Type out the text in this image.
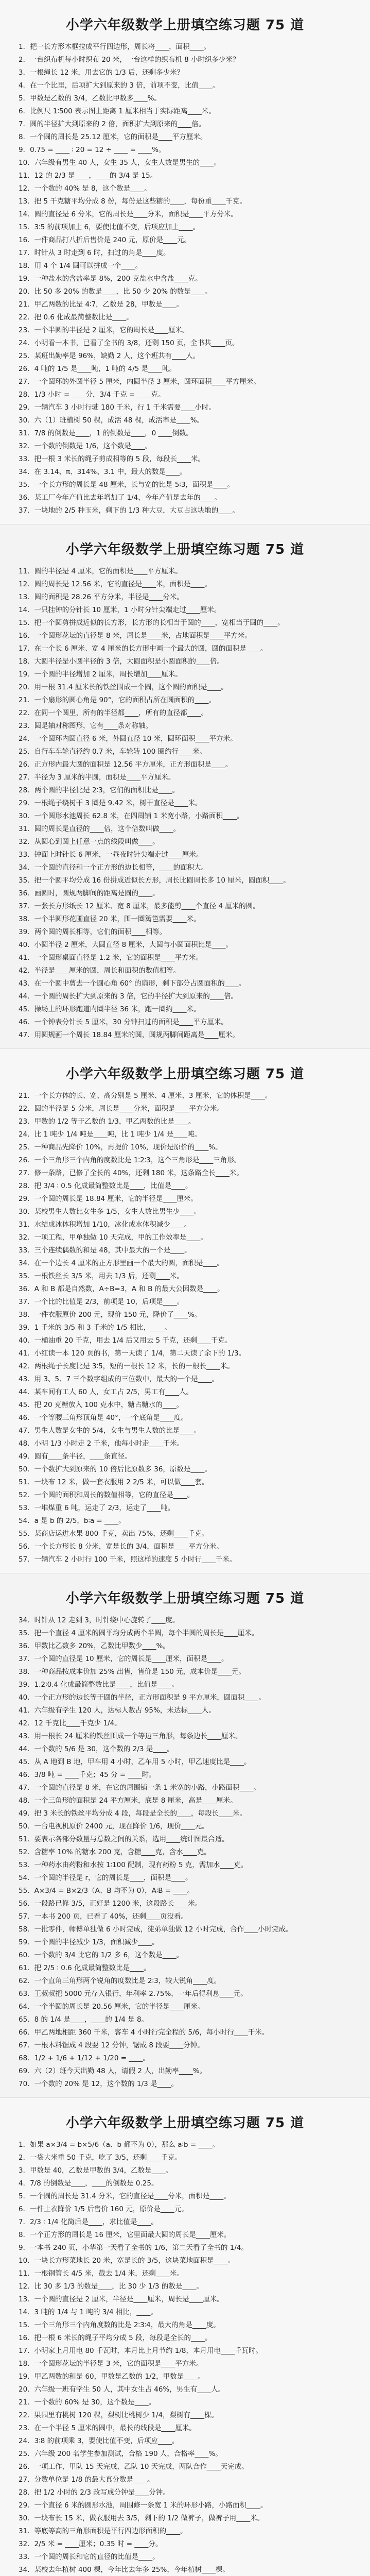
小学六年级数学上册填空练习题 75 道

1．把一长方形木框拉成平行四边形，周长将____，面积____。

2．一台织布机每小时织布 20 米，一台这样的织布机 8 小时织多少米？

3．一根绳长 12 米，用去它的 1/3 后，还剩多少米？

4．在一个比里，后项扩大到原来的 3 倍，前项不变，比值____。

5．甲数是乙数的 3/4，乙数比甲数多____%。

6．比例尺 1∶500 表示图上距离 1 厘米相当于实际距离____米。

7．圆的半径扩大到原来的 2 倍，面积扩大到原来的____倍。

8．一个圆的周长是 25.12 厘米，它的面积是____平方厘米。

9．0.75 = ____ ∶ 20 = 12 ÷ ____ = ____%。

10．六年级有男生 40 人，女生 35 人，女生人数是男生的____。

11．12 的 2/3 是____，____的 3/4 是 15。

12．一个数的 40% 是 8，这个数是____。

13．把 5 千克糖平均分成 8 份，每份是这些糖的____，每份重____千克。

14．圆的直径是 6 分米，它的周长是____分米，面积是____平方分米。

15．3∶5 的前项加上 6，要使比值不变，后项应加上____。

16．一件商品打八折后售价是 240 元，原价是____元。

17．时针从 3 时走到 6 时，扫过的角是____度。

18．用 4 个 1/4 圆可以拼成一个____。

19．一种盐水的含盐率是 8%，200 克盐水中含盐____克。

20．比 50 多 20% 的数是____，比 50 少 20% 的数是____。

21．甲乙两数的比是 4∶7，乙数是 28，甲数是____。

22．把 0.6 化成最简整数比是____。

23．一个半圆的半径是 2 厘米，它的周长是____厘米。

24．小明看一本书，已看了全书的 3/8，还剩 150 页，全书共____页。

25．某班出勤率是 96%，缺勤 2 人，这个班共有____人。

26．4 吨的 1/5 是____吨，1 吨的 4/5 是____吨。

27．一个圆环的外圆半径 5 厘米，内圆半径 3 厘米，圆环面积____平方厘米。

28．1/3 小时 = ____分，3/4 千克 = ____克。

29．一辆汽车 3 小时行驶 180 千米，行 1 千米需要____小时。

30．六（1）班植树 50 棵，成活 48 棵，成活率是____%。

31．7/8 的倒数是____，1 的倒数是____，0 ____倒数。

32．一个数的倒数是 1/6，这个数是____。

33．把一根 3 米长的绳子剪成相等的 5 段，每段长____米。

34．在 3.14、π、314%、3.1 中，最大的数是____。

35．一个长方形的周长是 48 厘米，长与宽的比是 5∶3，面积是____。

36．某工厂今年产值比去年增加了 1/4，今年产值是去年的____。

37．一块地的 2/5 种玉米，剩下的 1/3 种大豆，大豆占这块地的____。

小学六年级数学上册填空练习题 75 道

11．圆的半径是 4 厘米，它的面积是____平方厘米。

12．圆的周长是 12.56 米，它的直径是____米，面积是____。

13．圆的面积是 28.26 平方分米，半径是____分米。

14．一只挂钟的分针长 10 厘米，1 小时分针尖端走过____厘米。

15．把一个圆剪拼成近似的长方形，长方形的长相当于圆的____，宽相当于圆的____。

16．一个圆形花坛的直径是 8 米，周长是____米，占地面积是____平方米。

17．在一个长 6 厘米、宽 4 厘米的长方形中画一个最大的圆，圆的面积是____。

18．大圆半径是小圆半径的 3 倍，大圆面积是小圆面积的____倍。

19．一个圆的半径增加 2 厘米，周长增加____厘米。

20．用一根 31.4 厘米长的铁丝围成一个圆，这个圆的面积是____。

21．一个扇形的圆心角是 90°，它的面积占所在圆面积的____。

22．在同一个圆里，所有的半径都____，所有的直径都____。

23．圆是轴对称图形，它有____条对称轴。

24．一个圆环内圆直径 6 米，外圆直径 10 米，圆环面积____平方米。

25．自行车车轮直径约 0.7 米，车轮转 100 圈约行____米。

26．正方形内最大圆的面积是 12.56 平方厘米，正方形面积是____。

27．半径为 3 厘米的半圆，面积是____平方厘米。

28．两个圆的半径比是 2∶3，它们的面积比是____。

29．一根绳子绕树干 3 圈是 9.42 米，树干直径是____米。

30．一个圆形水池周长 62.8 米，在四周铺 1 米宽小路，小路面积____。

31．圆的周长是直径的____倍，这个倍数叫做____。

32．从圆心到圆上任意一点的线段叫做____。

33．钟面上时针长 6 厘米，一昼夜时针尖端走过____厘米。

34．一个圆的直径和一个正方形的边长相等，____的面积大。

35．把一个圆平均分成 16 份拼成近似长方形，周长比圆周长多 10 厘米，圆面积____。

36．画圆时，圆规两脚间的距离是圆的____。

37．一张长方形纸长 12 厘米、宽 8 厘米，最多能剪____个直径 4 厘米的圆。

38．一个半圆形花圃直径 20 米，围一圈篱笆需要____米。

39．两个圆的周长相等，它们的面积____相等。

40．小圆半径 2 厘米，大圆直径 8 厘米，大圆与小圆面积比是____。

41．一个圆形桌面直径是 1.2 米，它的面积是____平方米。

42．半径是____厘米的圆，周长和面积的数值相等。

43．在一个圆中剪去一个圆心角 60° 的扇形，剩下部分占圆面积的____。

44．一个圆的周长扩大到原来的 3 倍，它的半径扩大到原来的____倍。

45．操场上的环形跑道内圈半径 36 米，跑一圈约____米。

46．一个钟表分针长 5 厘米，30 分钟扫过的面积是____平方厘米。

47．用圆规画一个周长 18.84 厘米的圆，圆规两脚间距离是____厘米。

小学六年级数学上册填空练习题 75 道

21．一个长方体的长、宽、高分别是 5 厘米、4 厘米、3 厘米，它的体积是____。

22．圆的半径是 5 分米，周长是____分米，面积是____平方分米。

23．甲数的 1/2 等于乙数的 1/3，甲乙两数的比是____。

24．比 1 吨少 1/4 吨是____吨，比 1 吨少 1/4 是____吨。

25．一种商品先降价 10%，再提价 10%，现价是原价的____%。

26．一个三角形三个内角的度数比是 1∶2∶3，这个三角形是____三角形。

27．修一条路，已修了全长的 40%，还剩 180 米，这条路全长____米。

28．把 3/4 ∶ 0.5 化成最简整数比是____，比值是____。

29．一个圆的周长是 18.84 厘米，它的半径是____厘米。

30．某校男生人数比女生多 1/5，女生人数比男生少____。

31．水结成冰体积增加 1/10，冰化成水体积减少____。

32．一项工程，甲单独做 10 天完成，甲的工作效率是____。

33．三个连续偶数的和是 48，其中最大的一个是____。

34．在一个边长 4 厘米的正方形里画一个最大的圆，面积是____。

35．一根铁丝长 3/5 米，用去 1/3 后，还剩____米。

36．A 和 B 都是自然数，A÷B=3，A 和 B 的最大公因数是____。

37．一个比的比值是 2/3，前项是 10，后项是____。

38．一件衣服原价 200 元，现价 150 元，降价了____%。

39．1 千米的 3/5 和 3 千米的 1/5 相比，____。

40．一桶油重 20 千克，用去 1/4 后又用去 5 千克，还剩____千克。

41．小红读一本 120 页的书，第一天读了 1/4，第二天读了余下的 1/3。

42．两根绳子长度比是 3∶5，短的一根长 12 米，长的一根长____米。

43．用 3、5、7 三个数字组成的三位数中，最大的一个是____。

44．某车间有工人 60 人，女工占 2/5，男工有____人。

45．把 20 克糖放入 100 克水中，糖占糖水的____。

46．一个等腰三角形顶角是 40°，一个底角是____度。

47．男生人数是女生的 5/4，女生与男生人数的比是____。

48．小明 1/3 小时走 2 千米，他每小时走____千米。

49．圆有____条半径，____条直径。

50．一个数扩大到原来的 10 倍后比原数多 36，原数是____。

51．一块布 12 米，做一套衣服用 2 2/5 米，可以做____套。

52．一个圆的面积和周长的数值相等，它的直径是____。

53．一堆煤重 6 吨，运走了 2/3，运走了____吨。

54．a 是 b 的 2/5，b∶a = ____。

55．某商店运进水果 800 千克，卖出 75%，还剩____千克。

56．一个长方形长 8 分米，宽是长的 3/4，面积是____平方分米。

57．一辆汽车 2 小时行 100 千米，照这样的速度 5 小时行____千米。

小学六年级数学上册填空练习题 75 道

34．时针从 12 走到 3，时针绕中心旋转了____度。

35．把一个直径 4 厘米的圆平均分成两个半圆，每个半圆的周长是____厘米。

36．甲数比乙数多 20%，乙数比甲数少____%。

37．一个圆的直径是 10 厘米，它的周长是____厘米，面积是____。

38．一种商品按成本价加 25% 出售，售价是 150 元，成本价是____元。

39．1.2∶0.4 化成最简整数比是____，比值是____。

40．一个正方形的边长等于圆的半径，正方形面积是 9 平方厘米，圆面积____。

41．六年级有学生 120 人，达标人数占 95%，未达标____人。

42．12 千克比____千克少 1/4。

43．用一根长 24 厘米的铁丝围成一个等边三角形，每条边长____厘米。

44．一个数的 5/6 是 30，这个数的 2/3 是____。

45．从 A 地到 B 地，甲车用 4 小时，乙车用 5 小时，甲乙速度比是____。

46．3/8 吨 = ____千克；45 分 = ____时。

47．一个圆的直径是 8 米，在它的周围铺一条 1 米宽的小路，小路面积____。

48．一个三角形的面积是 24 平方厘米，底是 8 厘米，高是____厘米。

49．把 3 米长的铁丝平均分成 4 段，每段是全长的____，每段长____米。

50．一台电视机原价 2400 元，现在降价 1/6，现价____元。

51．要表示各部分数量与总数之间的关系，选用____统计图最合适。

52．含糖率 10% 的糖水 200 克，含糖____克，含水____克。

53．一种药水由药粉和水按 1∶100 配制，现有药粉 5 克，需加水____克。

54．一个圆的半径是 r，它的周长是____，面积是____。

55．A×3/4 = B×2/3（A、B 均不为 0），A∶B = ____。

56．一段路已修 3/5，正好是 1200 米，这段路长____米。

57．一本书 200 页，已看了 40%，还剩____页没看。

58．一批零件，师傅单独做 6 小时完成，徒弟单独做 12 小时完成，合作____小时完成。

59．一个圆的半径减少 1/3，面积减少____。

60．一个数的 3/4 比它的 1/2 多 6，这个数是____。

61．把 2/5 ∶ 0.6 化成最简整数比是____。

62．一个直角三角形两个锐角的度数比是 2∶3，较大锐角____度。

63．王叔叔把 5000 元存入银行，年利率 2.75%，一年后得利息____元。

64．一个半圆的周长是 20.56 厘米，它的半径是____厘米。

65．8 的 1/4 是____，____的 1/4 是 8。

66．甲乙两地相距 360 千米，客车 4 小时行完全程的 5/6，每小时行____千米。

67．一根木料锯成 4 段要 12 分钟，锯成 8 段要____分钟。

68．1/2 + 1/6 + 1/12 + 1/20 = ____。

69．六（2）班今天出勤 48 人，请假 2 人，出勤率____%。

70．一个数的 20% 是 12，这个数的 1/3 是____。

小学六年级数学上册填空练习题 75 道

1．如果 a×3/4 = b×5/6（a、b 都不为 0），那么 a∶b = ____。

2．一袋大米重 50 千克，吃了 3/5，还剩____千克。

3．甲数是 40，乙数是甲数的 3/4，乙数是____。

4．7/8 的倒数是____，____的倒数是 0.25。

5．一个圆的周长是 31.4 分米，它的直径是____分米，面积是____。

6．一件上衣降价 1/5 后售价 160 元，原价是____元。

7．2/3 ∶ 1/4 化简后是____，求比值是____。

8．一个正方形的周长是 16 厘米，它里面最大圆的周长是____厘米。

9．一本书 240 页，小华第一天看了全书的 1/6，第二天看了全书的 1/4。

10．一块长方形菜地长 20 米，宽是长的 3/5，这块菜地面积是____。

11．一根钢管长 4/5 米，截去 1/4 米，还剩____米。

12．比 30 多 1/3 的数是____，比 30 少 1/3 的数是____。

13．一个圆的直径是 2 厘米，半径是____厘米，周长是____厘米。

14．3 吨的 1/4 与 1 吨的 3/4 相比，____。

15．一个三角形三个内角度数的比是 2∶3∶4，最大的角是____度。

16．把一根 6 米长的绳子平均分成 5 段，每段是全长的____。

17．小明家上月用电 80 千瓦时，本月比上月节约 1/8，本月用电____千瓦时。

18．一个圆形花坛的半径是 3 米，它的面积是____平方米。

19．甲乙两数的和是 60，甲数是乙数的 1/2，甲数是____。

20．六年级一班有学生 50 人，其中女生占 46%，男生有____人。

21．一个数的 60% 是 30，这个数是____。

22．果园里有桃树 120 棵，梨树比桃树少 1/4，梨树有____棵。

23．在一个半径 5 厘米的圆中，最长的线段是____厘米。

24．3∶8 的前项乘 3，要使比值不变，后项应____。

25．六年级 200 名学生参加测试，合格 190 人，合格率____%。

26．一项工作，甲队 15 天完成，乙队 10 天完成，两队合作____天完成。

27．分数单位是 1/8 的最大真分数是____。

28．把 1/2 小时的 2/3 改写成分钟是____分钟。

29．一个直径 6 米的圆形水池，周围修一条宽 1 米的环形小路，小路面积____。

30．一块布长 15 米，做衣服用去 3/5，剩下的 1/2 做裤子，做裤子用____米。

31．等底等高的三角形面积是平行四边形面积的____。

32．2/5 米 = ____厘米；0.35 时 = ____分。

33．一个圆的周长和它的直径的比值是____。

34．某校去年植树 400 棵，今年比去年多 25%，今年植树____棵。
